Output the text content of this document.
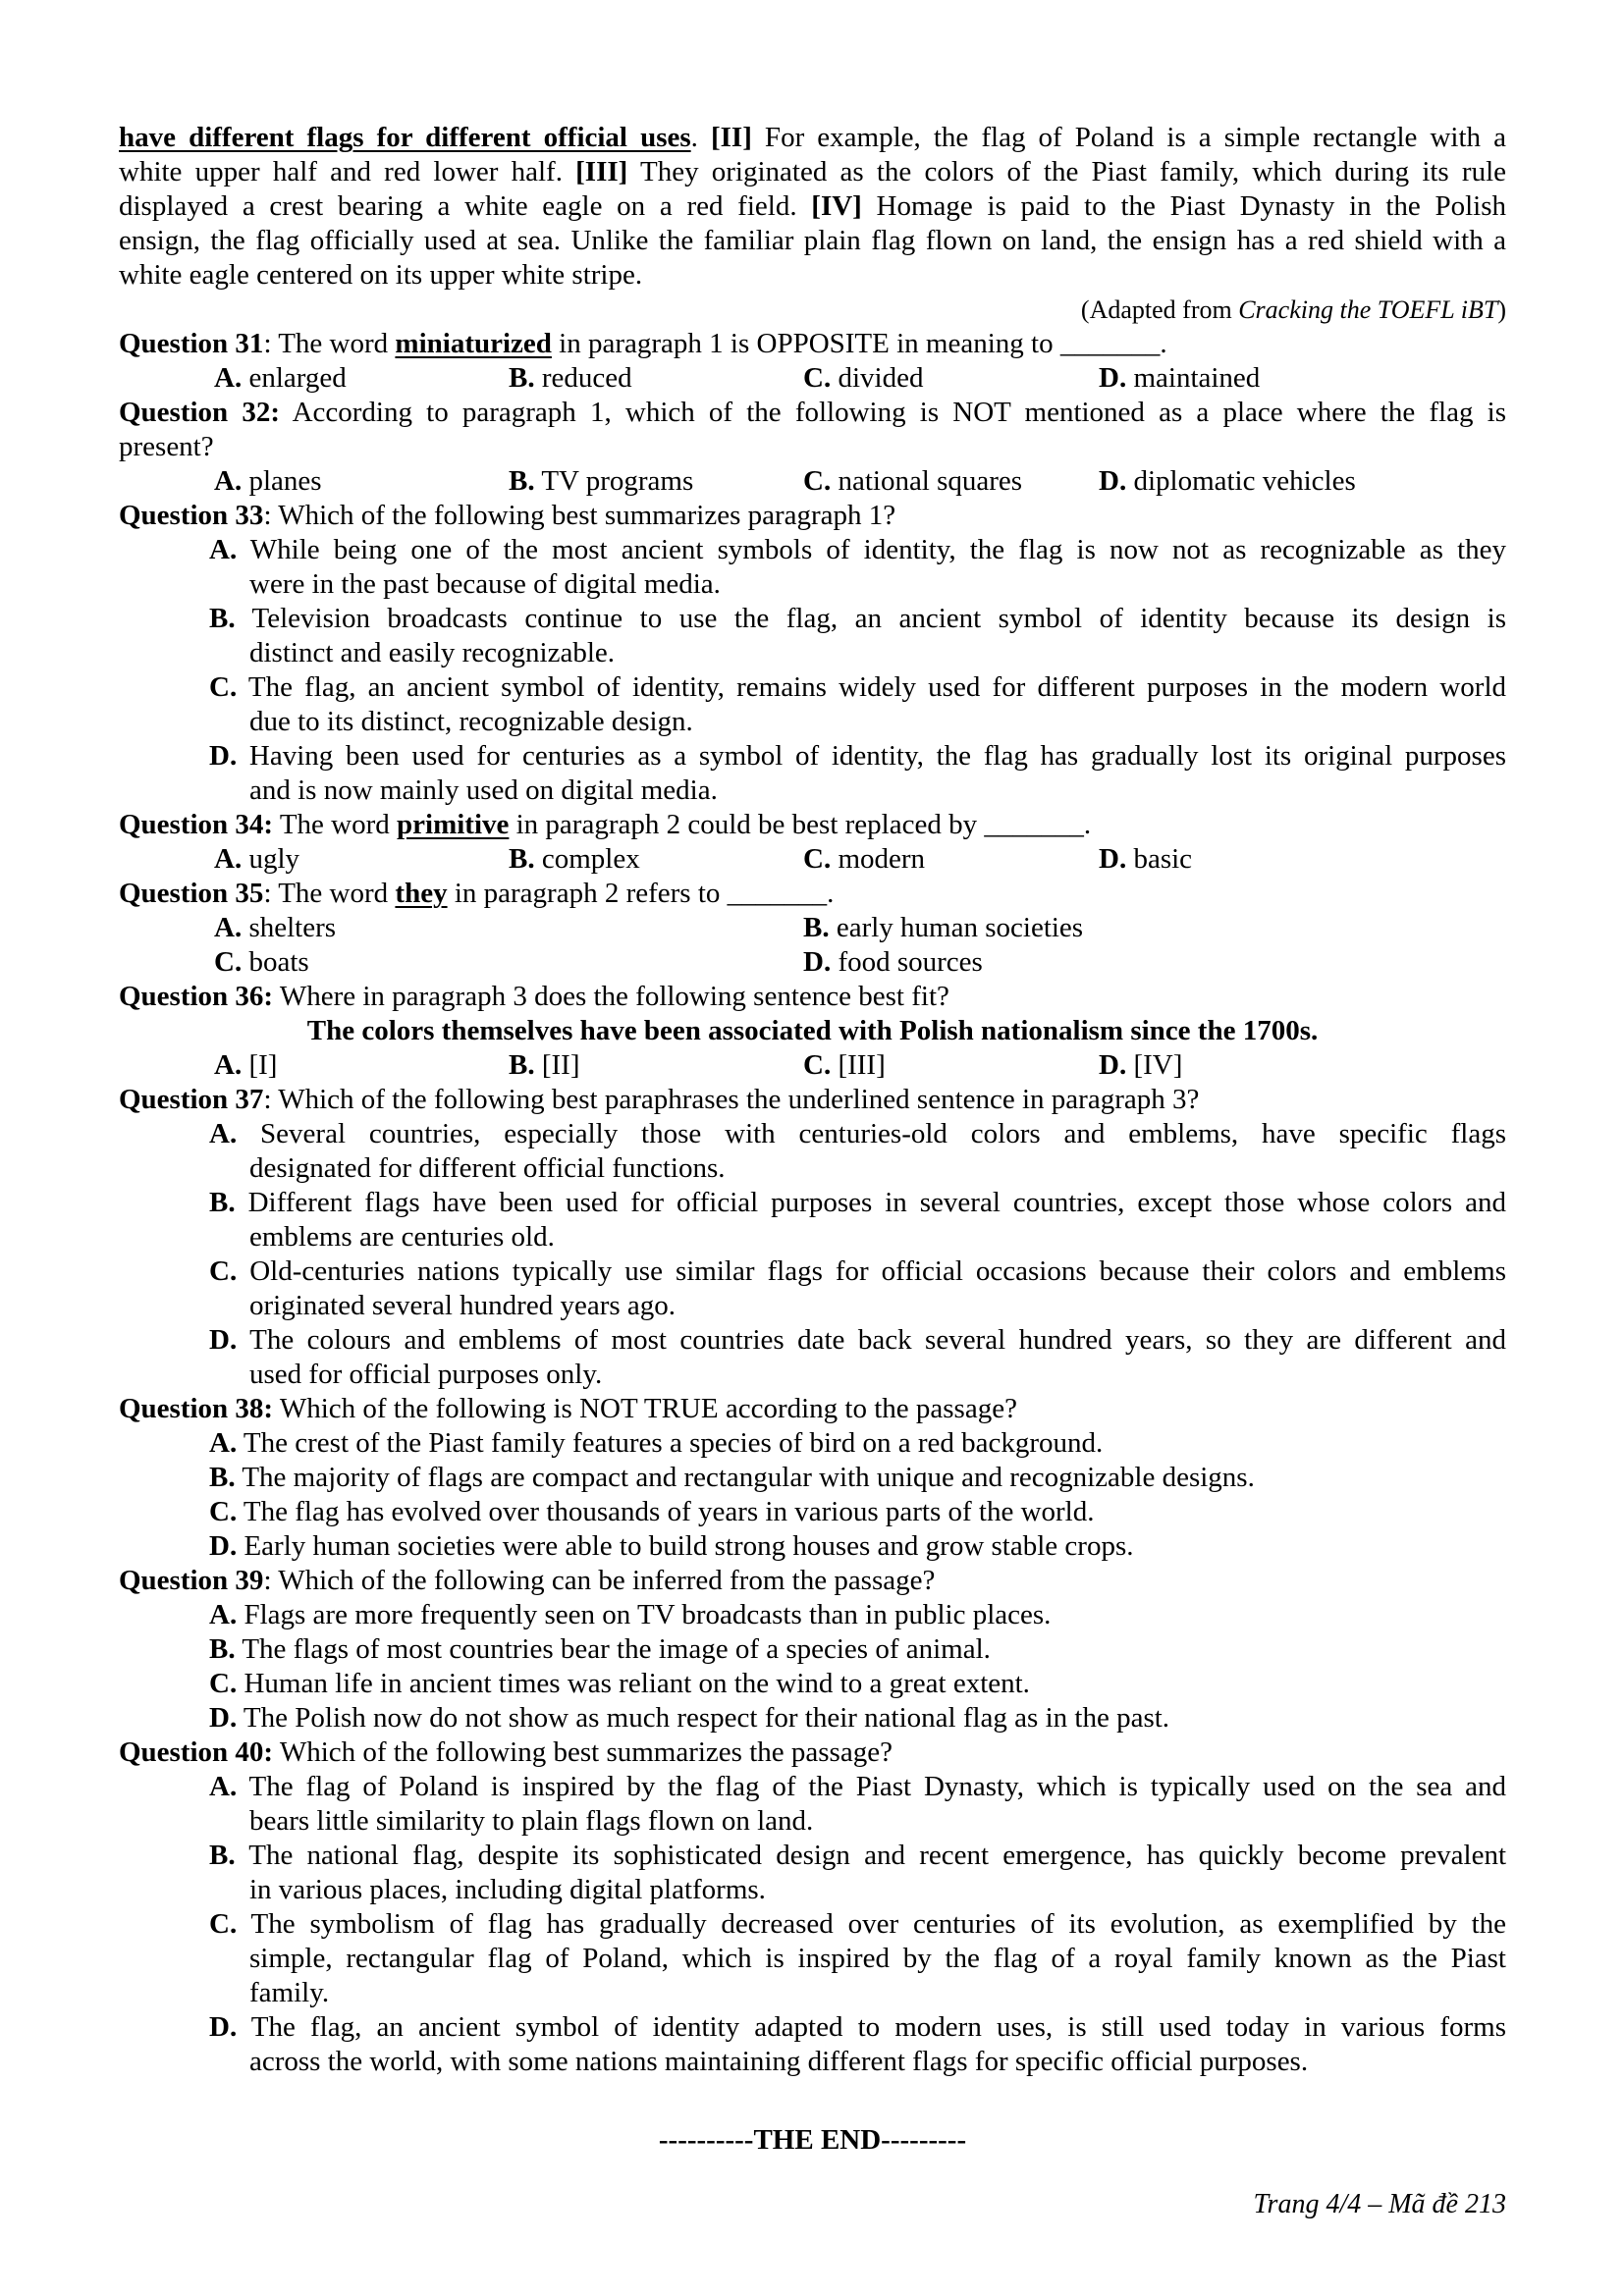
have different flags for different official uses. [II] For example, the flag of Poland is a simple rectangle with a
white upper half and red lower half. [III] They originated as the colors of the Piast family, which during its rule
displayed a crest bearing a white eagle on a red field. [IV] Homage is paid to the Piast Dynasty in the Polish
ensign, the flag officially used at sea. Unlike the familiar plain flag flown on land, the ensign has a red shield with a
white eagle centered on its upper white stripe.
(Adapted from Cracking the TOEFL iBT)
Question 31: The word miniaturized in paragraph 1 is OPPOSITE in meaning to _______.
A. enlarged	B. reduced	C. divided	D. maintained
Question 32: According to paragraph 1, which of the following is NOT mentioned as a place where the flag is
present?
A. planes	B. TV programs	C. national squares	D. diplomatic vehicles
Question 33: Which of the following best summarizes paragraph 1?
A. While being one of the most ancient symbols of identity, the flag is now not as recognizable as they
were in the past because of digital media.
B. Television broadcasts continue to use the flag, an ancient symbol of identity because its design is
distinct and easily recognizable.
C. The flag, an ancient symbol of identity, remains widely used for different purposes in the modern world
due to its distinct, recognizable design.
D. Having been used for centuries as a symbol of identity, the flag has gradually lost its original purposes
and is now mainly used on digital media.
Question 34: The word primitive in paragraph 2 could be best replaced by _______.
A. ugly	B. complex	C. modern	D. basic
Question 35: The word they in paragraph 2 refers to _______.
A. shelters	B. early human societies
C. boats	D. food sources
Question 36: Where in paragraph 3 does the following sentence best fit?
The colors themselves have been associated with Polish nationalism since the 1700s.
A. [I]	B. [II]	C. [III]	D. [IV]
Question 37: Which of the following best paraphrases the underlined sentence in paragraph 3?
A. Several countries, especially those with centuries-old colors and emblems, have specific flags
designated for different official functions.
B. Different flags have been used for official purposes in several countries, except those whose colors and
emblems are centuries old.
C. Old-centuries nations typically use similar flags for official occasions because their colors and emblems
originated several hundred years ago.
D. The colours and emblems of most countries date back several hundred years, so they are different and
used for official purposes only.
Question 38: Which of the following is NOT TRUE according to the passage?
A. The crest of the Piast family features a species of bird on a red background.
B. The majority of flags are compact and rectangular with unique and recognizable designs.
C. The flag has evolved over thousands of years in various parts of the world.
D. Early human societies were able to build strong houses and grow stable crops.
Question 39: Which of the following can be inferred from the passage?
A. Flags are more frequently seen on TV broadcasts than in public places.
B. The flags of most countries bear the image of a species of animal.
C. Human life in ancient times was reliant on the wind to a great extent.
D. The Polish now do not show as much respect for their national flag as in the past.
Question 40: Which of the following best summarizes the passage?
A. The flag of Poland is inspired by the flag of the Piast Dynasty, which is typically used on the sea and
bears little similarity to plain flags flown on land.
B. The national flag, despite its sophisticated design and recent emergence, has quickly become prevalent
in various places, including digital platforms.
C. The symbolism of flag has gradually decreased over centuries of its evolution, as exemplified by the
simple, rectangular flag of Poland, which is inspired by the flag of a royal family known as the Piast
family.
D. The flag, an ancient symbol of identity adapted to modern uses, is still used today in various forms
across the world, with some nations maintaining different flags for specific official purposes.
----------THE END---------
Trang 4/4 – Mã đề 213
